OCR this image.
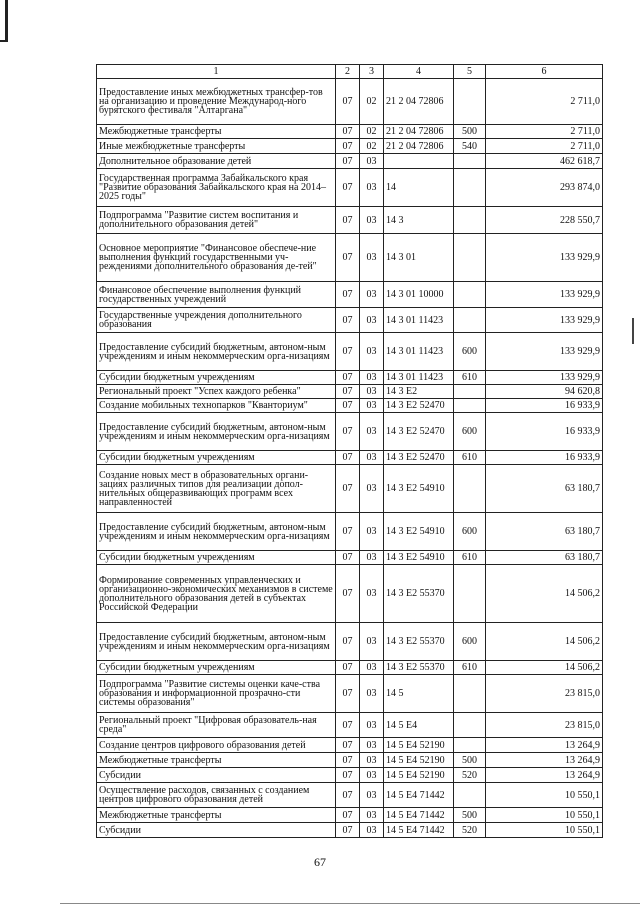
1	2	3	4	5	6
Предоставление иных межбюджетных трансфер-тов на организацию и проведение Международ-ного бурятского фестиваля "Алтаргана"	07	02	21 2 04 72806		2 711,0
Межбюджетные трансферты	07	02	21 2 04 72806	500	2 711,0
Иные межбюджетные трансферты	07	02	21 2 04 72806	540	2 711,0
Дополнительное образование детей	07	03			462 618,7
Государственная программа Забайкальского края "Развитие образования Забайкальского края на 2014–2025 годы"	07	03	14		293 874,0
Подпрограмма "Развитие систем воспитания и дополнительного образования детей"	07	03	14 3		228 550,7
Основное мероприятие "Финансовое обеспече-ние выполнения функций государственными уч-реждениями дополнительного образования де-тей"	07	03	14 3 01		133 929,9
Финансовое обеспечение выполнения функций государственных учреждений	07	03	14 3 01 10000		133 929,9
Государственные учреждения дополнительного образования	07	03	14 3 01 11423		133 929,9
Предоставление субсидий бюджетным, автоном-ным учреждениям и иным некоммерческим орга-низациям	07	03	14 3 01 11423	600	133 929,9
Субсидии бюджетным учреждениям	07	03	14 3 01 11423	610	133 929,9
Региональный проект "Успех каждого ребенка"	07	03	14 3 E2		94 620,8
Создание мобильных технопарков "Кванториум"	07	03	14 3 E2 52470		16 933,9
Предоставление субсидий бюджетным, автоном-ным учреждениям и иным некоммерческим орга-низациям	07	03	14 3 E2 52470	600	16 933,9
Субсидии бюджетным учреждениям	07	03	14 3 E2 52470	610	16 933,9
Создание новых мест в образовательных органи-зациях различных типов для реализации допол-нительных общеразвивающих программ всех направленностей	07	03	14 3 E2 54910		63 180,7
Предоставление субсидий бюджетным, автоном-ным учреждениям и иным некоммерческим орга-низациям	07	03	14 3 E2 54910	600	63 180,7
Субсидии бюджетным учреждениям	07	03	14 3 E2 54910	610	63 180,7
Формирование современных управленческих и организационно-экономических механизмов в системе дополнительного образования детей в субъектах Российской Федерации	07	03	14 3 E2 55370		14 506,2
Предоставление субсидий бюджетным, автоном-ным учреждениям и иным некоммерческим орга-низациям	07	03	14 3 E2 55370	600	14 506,2
Субсидии бюджетным учреждениям	07	03	14 3 E2 55370	610	14 506,2
Подпрограмма "Развитие системы оценки каче-ства образования и информационной прозрачно-сти системы образования"	07	03	14 5		23 815,0
Региональный проект "Цифровая образователь-ная среда"	07	03	14 5 E4		23 815,0
Создание центров цифрового образования детей	07	03	14 5 E4 52190		13 264,9
Межбюджетные трансферты	07	03	14 5 E4 52190	500	13 264,9
Субсидии	07	03	14 5 E4 52190	520	13 264,9
Осуществление расходов, связанных с созданием центров цифрового образования детей	07	03	14 5 E4 71442		10 550,1
Межбюджетные трансферты	07	03	14 5 E4 71442	500	10 550,1
Субсидии	07	03	14 5 E4 71442	520	10 550,1
67
